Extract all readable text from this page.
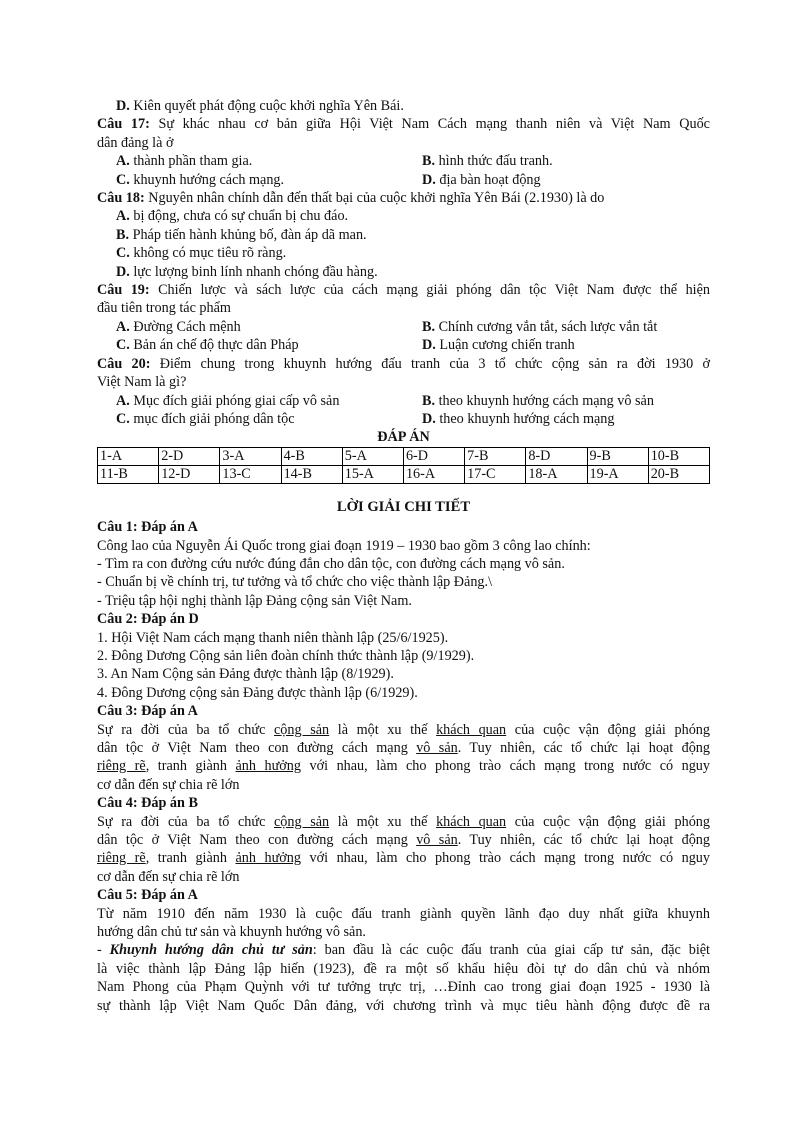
D. Kiên quyết phát động cuộc khởi nghĩa Yên Bái.
Câu 17: Sự khác nhau cơ bản giữa Hội Việt Nam Cách mạng thanh niên và Việt Nam Quốc
dân đảng là ở
A. thành phần tham gia.	B. hình thức đấu tranh.
C. khuynh hướng cách mạng.	D. địa bàn hoạt động
Câu 18: Nguyên nhân chính dẫn đến thất bại của cuộc khởi nghĩa Yên Bái (2.1930) là do
A. bị động, chưa có sự chuẩn bị chu đáo.
B. Pháp tiến hành khủng bố, đàn áp dã man.
C. không có mục tiêu rõ ràng.
D. lực lượng binh lính nhanh chóng đầu hàng.
Câu 19: Chiến lược và sách lược của cách mạng giải phóng dân tộc Việt Nam được thể hiện
đầu tiên trong tác phẩm
A. Đường Cách mệnh	B. Chính cương vắn tắt, sách lược vắn tắt
C. Bản án chế độ thực dân Pháp	D. Luận cương chiến tranh
Câu 20: Điểm chung trong khuynh hướng đấu tranh của 3 tổ chức cộng sản ra đời 1930 ở
Việt Nam là gì?
A. Mục đích giải phóng giai cấp vô sản	B. theo khuynh hướng cách mạng vô sản
C. mục đích giải phóng dân tộc	D. theo khuynh hướng cách mạng
ĐÁP ÁN
1-A	2-D	3-A	4-B	5-A	6-D	7-B	8-D	9-B	10-B
11-B	12-D	13-C	14-B	15-A	16-A	17-C	18-A	19-A	20-B
LỜI GIẢI CHI TIẾT
Câu 1: Đáp án A
Công lao của Nguyễn Ái Quốc trong giai đoạn 1919 – 1930 bao gồm 3 công lao chính:
- Tìm ra con đường cứu nước đúng đắn cho dân tộc, con đường cách mạng vô sản.
- Chuẩn bị về chính trị, tư tưởng và tổ chức cho việc thành lập Đảng.\
- Triệu tập hội nghị thành lập Đảng cộng sản Việt Nam.
Câu 2: Đáp án D
1. Hội Việt Nam cách mạng thanh niên thành lập (25/6/1925).
2. Đông Dương Cộng sản liên đoàn chính thức thành lập (9/1929).
3. An Nam Cộng sản Đảng được thành lập (8/1929).
4. Đông Dương cộng sản Đảng được thành lập (6/1929).
Câu 3: Đáp án A
Sự ra đời của ba tổ chức cộng sản là một xu thế khách quan của cuộc vận động giải phóng
dân tộc ở Việt Nam theo con đường cách mạng vô sản. Tuy nhiên, các tổ chức lại hoạt động
riêng rẽ, tranh giành ảnh hưởng với nhau, làm cho phong trào cách mạng trong nước có nguy
cơ dẫn đến sự chia rẽ lớn
Câu 4: Đáp án B
Sự ra đời của ba tổ chức cộng sản là một xu thế khách quan của cuộc vận động giải phóng
dân tộc ở Việt Nam theo con đường cách mạng vô sản. Tuy nhiên, các tổ chức lại hoạt động
riêng rẽ, tranh giành ảnh hưởng với nhau, làm cho phong trào cách mạng trong nước có nguy
cơ dẫn đến sự chia rẽ lớn
Câu 5: Đáp án A
Từ năm 1910 đến năm 1930 là cuộc đấu tranh giành quyền lãnh đạo duy nhất giữa khuynh
hướng dân chủ tư sản và khuynh hướng vô sản.
- Khuynh hướng dân chủ tư sản: ban đầu là các cuộc đấu tranh của giai cấp tư sản, đặc biệt
là việc thành lập Đảng lập hiến (1923), đề ra một số khẩu hiệu đòi tự do dân chủ và nhóm
Nam Phong của Phạm Quỳnh với tư tưởng trực trị, …Đỉnh cao trong giai đoạn 1925 - 1930 là
sự thành lập Việt Nam Quốc Dân đảng, với chương trình và mục tiêu hành động được đề ra
